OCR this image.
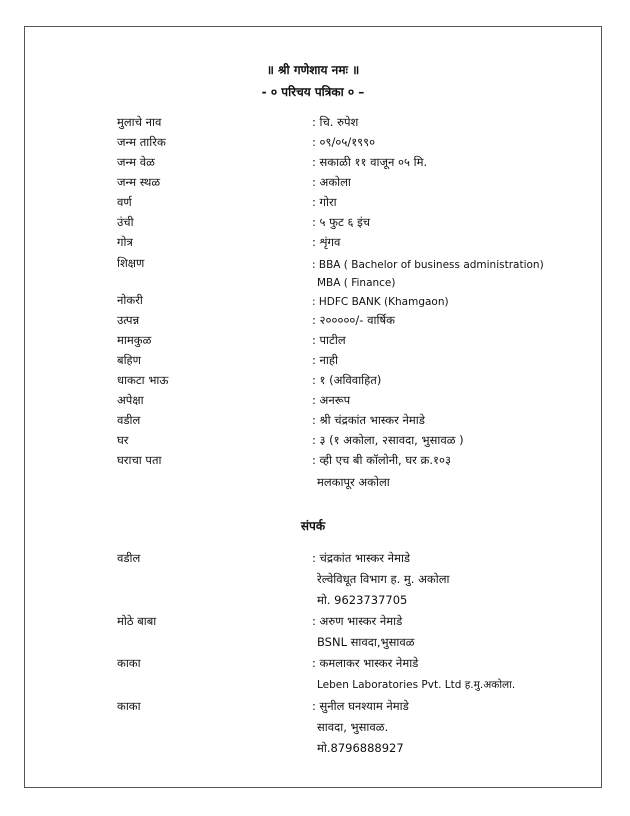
॥ श्री गणेशाय नमः ॥
- ० परिचय पत्रिका ० –
मुलाचे नाव	: चि. रुपेश
जन्म तारिक	: ०९/०५/१९९०
जन्म वेळ	: सकाळी ११ वाजून ०५ मि.
जन्म स्थळ	: अकोला
वर्ण	: गोरा
उंची	: ५ फुट ६ इंच
गोत्र	: शृंगव
शिक्षण	: BBA ( Bachelor of business administration)
MBA ( Finance)
नोकरी	: HDFC BANK (Khamgaon)
उत्पन्न	: २०००००/- वार्षिक
मामकुळ	: पाटील
बहिण	: नाही
धाकटा भाऊ	: १ (अविवाहित)
अपेक्षा	: अनरूप
वडील	: श्री चंद्रकांत भास्कर नेमाडे
घर	: ३ (१ अकोला, २सावदा, भुसावळ )
घराचा पता	: व्ही एच बी कॉलोनी, घर क्र.१०३
मलकापूर अकोला
संपर्क
वडील	: चंद्रकांत भास्कर नेमाडे
रेल्वेविधूत विभाग ह. मु. अकोला
मो. 9623737705
मोठे बाबा	: अरुण भास्कर नेमाडे
BSNL सावदा,भुसावळ
काका	: कमलाकर भास्कर नेमाडे
Leben Laboratories Pvt. Ltd ह.मु.अकोला.
काका	: सुनील घनश्याम नेमाडे
सावदा, भुसावळ.
मो.8796888927
